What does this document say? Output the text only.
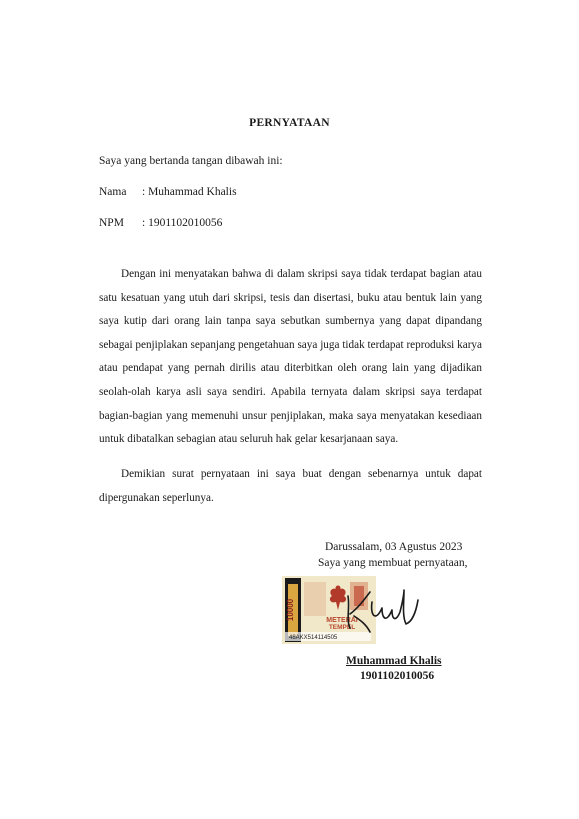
PERNYATAAN
Saya yang bertanda tangan dibawah ini:
Nama : Muhammad Khalis
NPM : 1901102010056
Dengan ini menyatakan bahwa di dalam skripsi saya tidak terdapat bagian atau satu kesatuan yang utuh dari skripsi, tesis dan disertasi, buku atau bentuk lain yang saya kutip dari orang lain tanpa saya sebutkan sumbernya yang dapat dipandang sebagai penjiplakan sepanjang pengetahuan saya juga tidak terdapat reproduksi karya atau pendapat yang pernah dirilis atau diterbitkan oleh orang lain yang dijadikan seolah-olah karya asli saya sendiri. Apabila ternyata dalam skripsi saya terdapat bagian-bagian yang memenuhi unsur penjiplakan, maka saya menyatakan kesediaan untuk dibatalkan sebagian atau seluruh hak gelar kesarjanaan saya.
Demikian surat pernyataan ini saya buat dengan sebenarnya untuk dapat dipergunakan seperlunya.
Darussalam, 03 Agustus 2023
Saya yang membuat pernyataan,
10000	METERAI
TEMPEL
48AKX514114505
Muhammad Khalis
1901102010056
